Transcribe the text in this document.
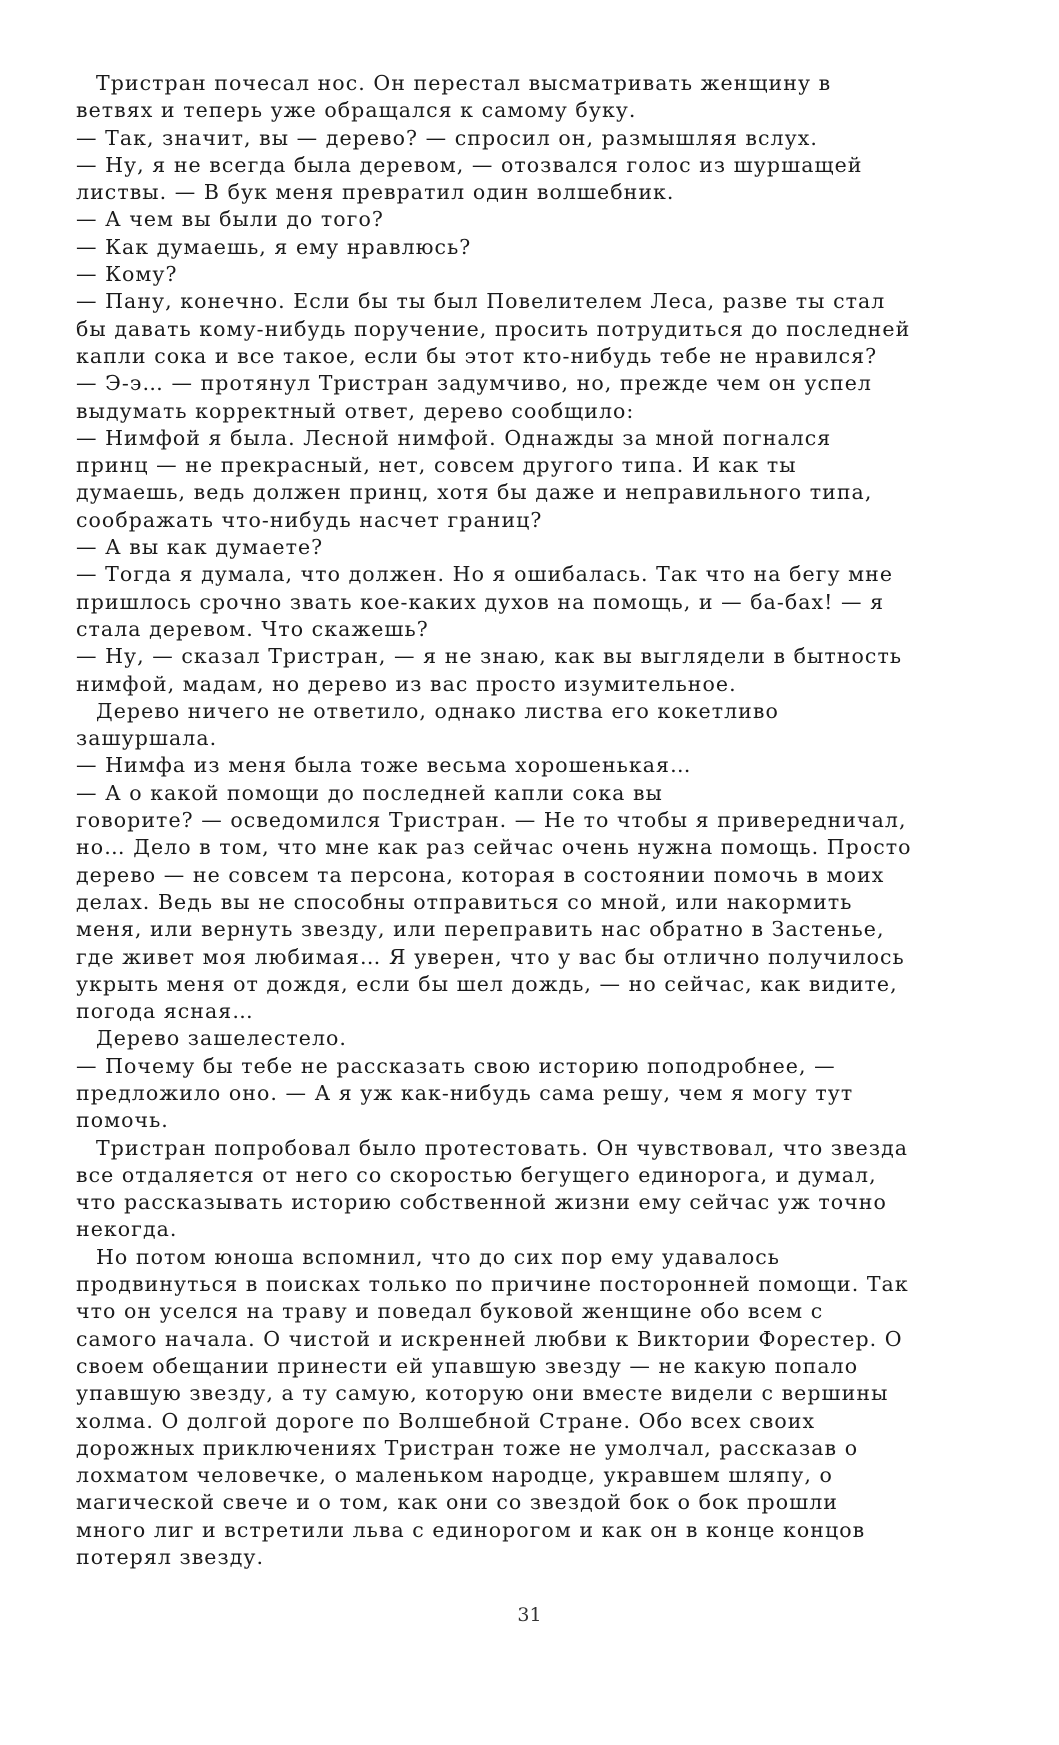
Тристран почесал нос. Он перестал высматривать женщину в
ветвях и теперь уже обращался к самому буку.
— Так, значит, вы — дерево? — спросил он, размышляя вслух.
— Ну, я не всегда была деревом, — отозвался голос из шуршащей
листвы. — В бук меня превратил один волшебник.
— А чем вы были до того?
— Как думаешь, я ему нравлюсь?
— Кому?
— Пану, конечно. Если бы ты был Повелителем Леса, разве ты стал
бы давать кому-нибудь поручение, просить потрудиться до последней
капли сока и все такое, если бы этот кто-нибудь тебе не нравился?
— Э-э… — протянул Тристран задумчиво, но, прежде чем он успел
выдумать корректный ответ, дерево сообщило:
— Нимфой я была. Лесной нимфой. Однажды за мной погнался
принц — не прекрасный, нет, совсем другого типа. И как ты
думаешь, ведь должен принц, хотя бы даже и неправильного типа,
соображать что-нибудь насчет границ?
— А вы как думаете?
— Тогда я думала, что должен. Но я ошибалась. Так что на бегу мне
пришлось срочно звать кое-каких духов на помощь, и — ба-бах! — я
стала деревом. Что скажешь?
— Ну, — сказал Тристран, — я не знаю, как вы выглядели в бытность
нимфой, мадам, но дерево из вас просто изумительное.
Дерево ничего не ответило, однако листва его кокетливо
зашуршала.
— Нимфа из меня была тоже весьма хорошенькая…
— А о какой помощи до последней капли сока вы
говорите? — осведомился Тристран. — Не то чтобы я привередничал,
но… Дело в том, что мне как раз сейчас очень нужна помощь. Просто
дерево — не совсем та персона, которая в состоянии помочь в моих
делах. Ведь вы не способны отправиться со мной, или накормить
меня, или вернуть звезду, или переправить нас обратно в Застенье,
где живет моя любимая… Я уверен, что у вас бы отлично получилось
укрыть меня от дождя, если бы шел дождь, — но сейчас, как видите,
погода ясная…
Дерево зашелестело.
— Почему бы тебе не рассказать свою историю поподробнее, —
предложило оно. — А я уж как-нибудь сама решу, чем я могу тут
помочь.
Тристран попробовал было протестовать. Он чувствовал, что звезда
все отдаляется от него со скоростью бегущего единорога, и думал,
что рассказывать историю собственной жизни ему сейчас уж точно
некогда.
Но потом юноша вспомнил, что до сих пор ему удавалось
продвинуться в поисках только по причине посторонней помощи. Так
что он уселся на траву и поведал буковой женщине обо всем с
самого начала. О чистой и искренней любви к Виктории Форестер. О
своем обещании принести ей упавшую звезду — не какую попало
упавшую звезду, а ту самую, которую они вместе видели с вершины
холма. О долгой дороге по Волшебной Стране. Обо всех своих
дорожных приключениях Тристран тоже не умолчал, рассказав о
лохматом человечке, о маленьком народце, укравшем шляпу, о
магической свече и о том, как они со звездой бок о бок прошли
много лиг и встретили льва с единорогом и как он в конце концов
потерял звезду.
31
